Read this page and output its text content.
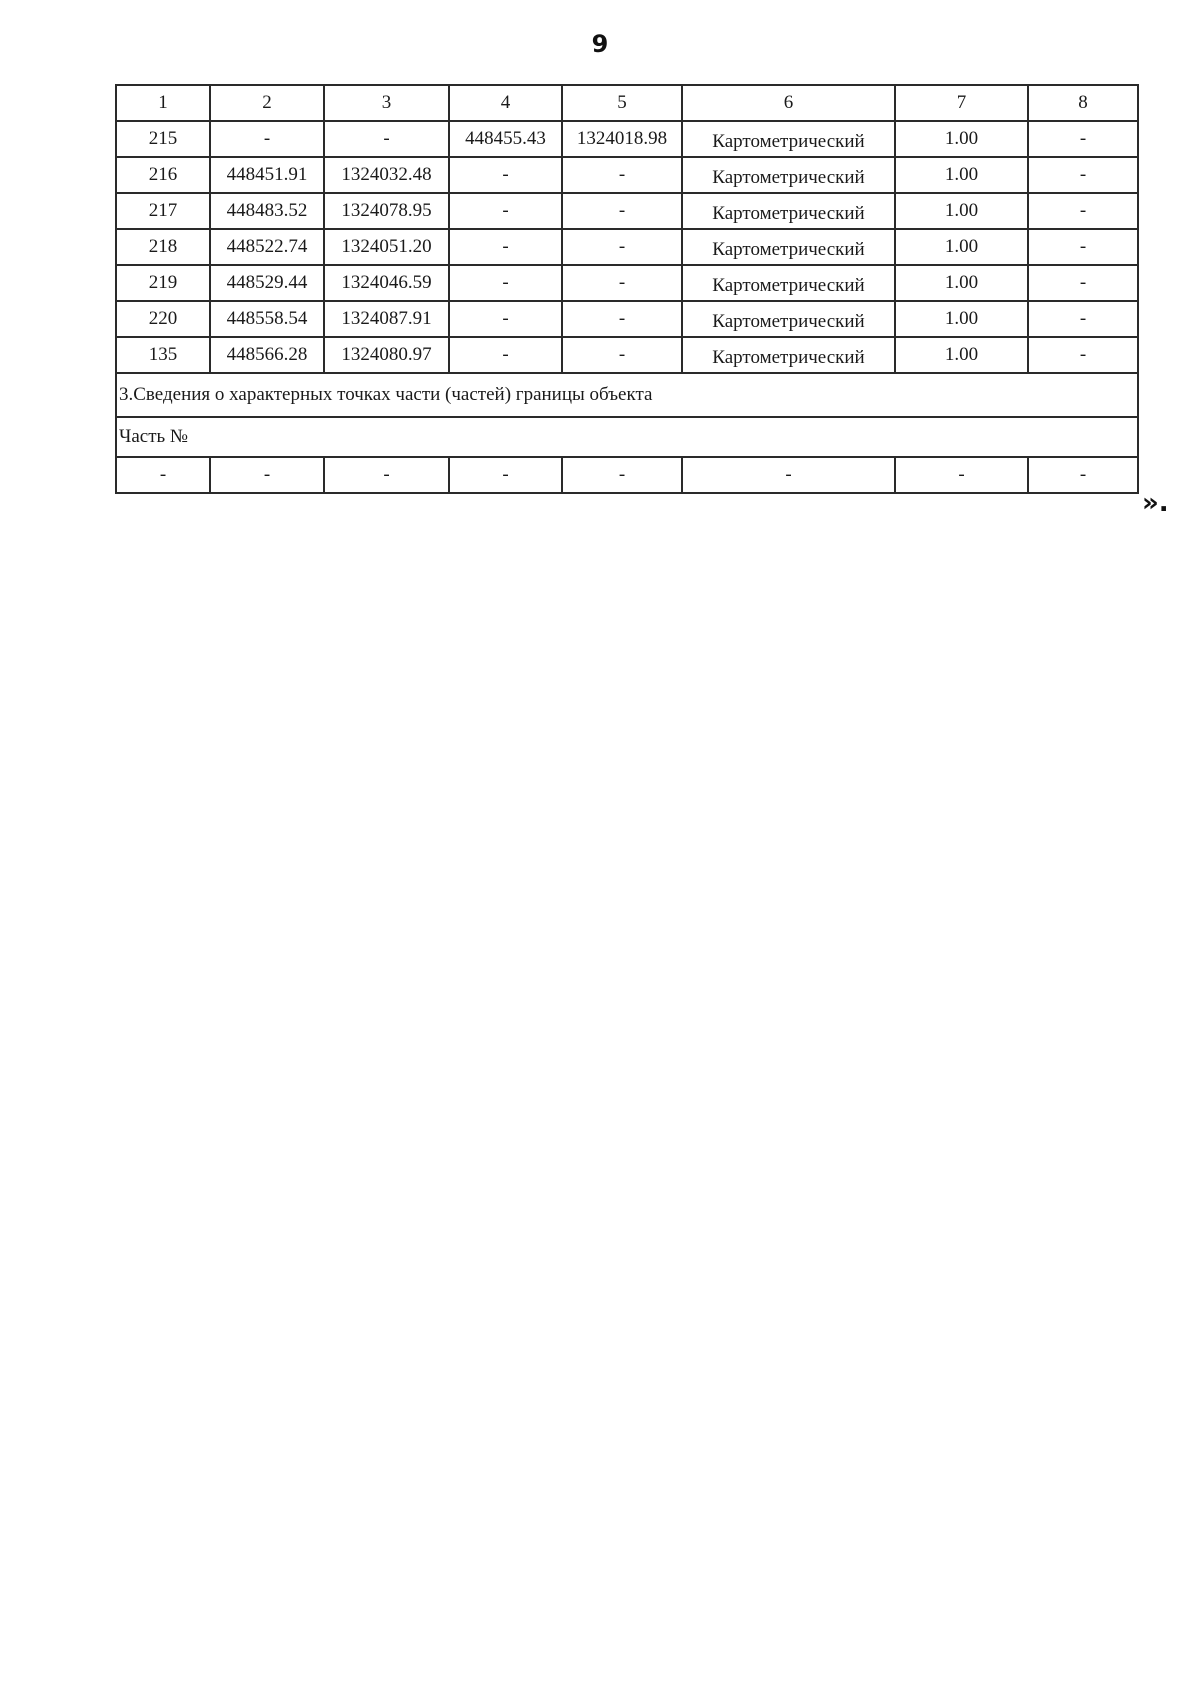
9
1	2	3	4	5	6	7	8
215	-	-	448455.43	1324018.98	Картометрический	1.00	-
216	448451.91	1324032.48	-	-	Картометрический	1.00	-
217	448483.52	1324078.95	-	-	Картометрический	1.00	-
218	448522.74	1324051.20	-	-	Картометрический	1.00	-
219	448529.44	1324046.59	-	-	Картометрический	1.00	-
220	448558.54	1324087.91	-	-	Картометрический	1.00	-
135	448566.28	1324080.97	-	-	Картометрический	1.00	-
3.Сведения о характерных точках части (частей) границы объекта							
Часть №							
-	-	-	-	-	-	-	-
».
